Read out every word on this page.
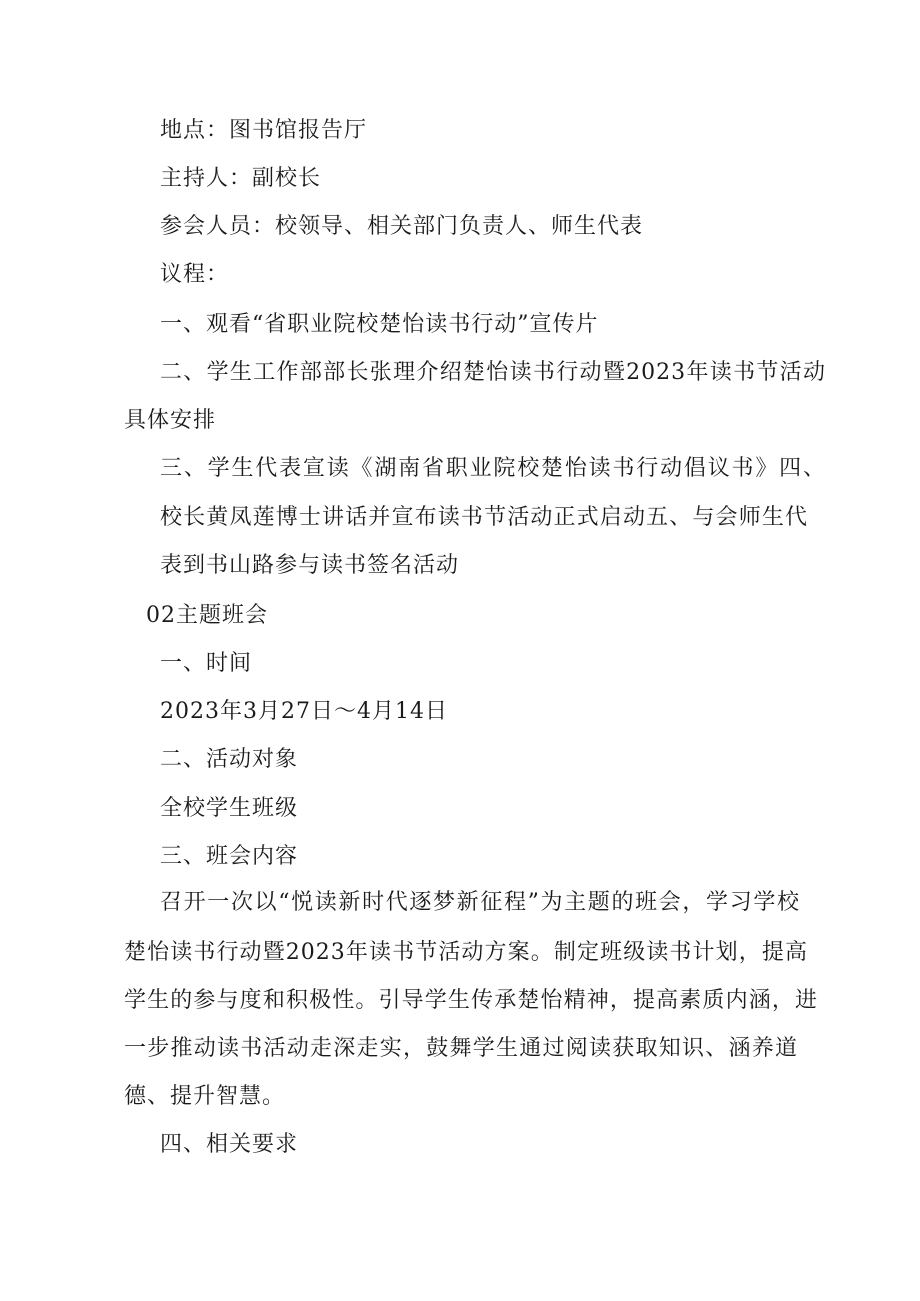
地点：图书馆报告厅
主持人：副校长
参会人员：校领导、相关部门负责人、师生代表
议程：
一、观看“省职业院校楚怡读书行动”宣传片
二、学生工作部部长张理介绍楚怡读书行动暨2023年读书节活动
具体安排
三、学生代表宣读《湖南省职业院校楚怡读书行动倡议书》四、
校长黄凤莲博士讲话并宣布读书节活动正式启动五、与会师生代
表到书山路参与读书签名活动
02主题班会
一、时间
2023年3月27日～4月14日
二、活动对象
全校学生班级
三、班会内容
召开一次以“悦读新时代逐梦新征程”为主题的班会，学习学校
楚怡读书行动暨2023年读书节活动方案。制定班级读书计划，提高
学生的参与度和积极性。引导学生传承楚怡精神，提高素质内涵，进
一步推动读书活动走深走实，鼓舞学生通过阅读获取知识、涵养道
德、提升智慧。
四、相关要求
